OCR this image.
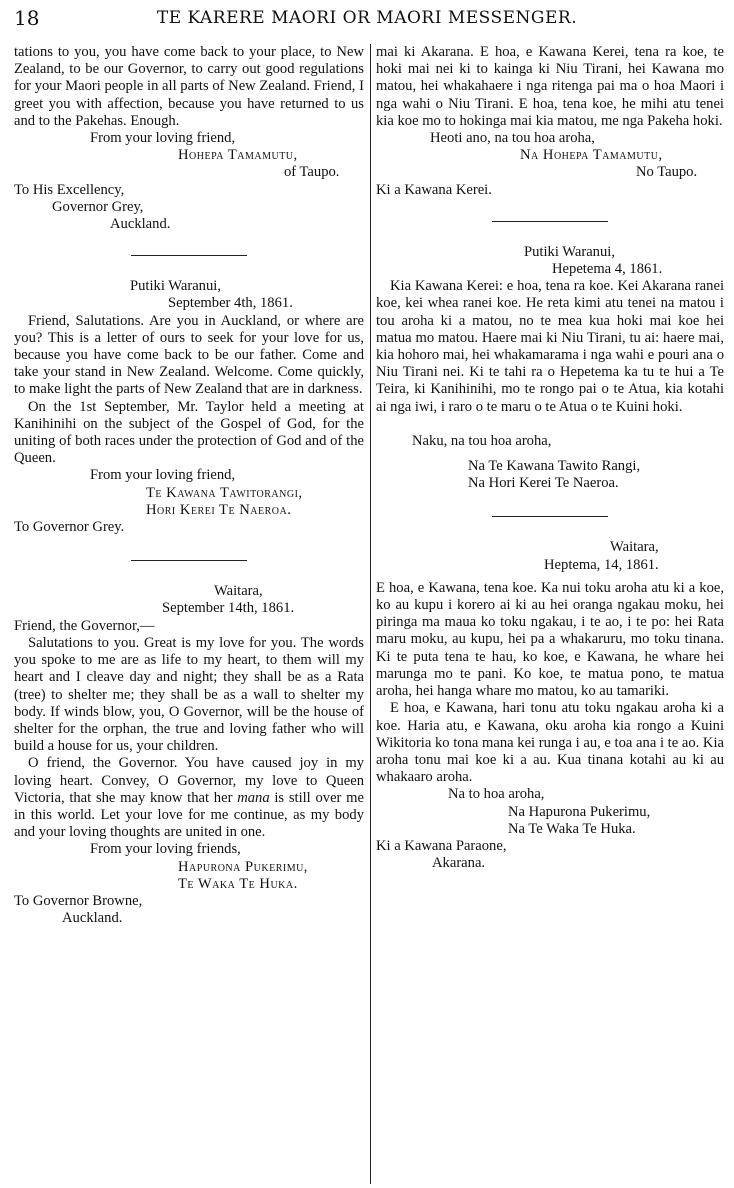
18	TE KARERE MAORI OR MAORI MESSENGER.

tations to you, you have come back to your place, to New Zealand, to be our Governor, to carry out good regulations for your Maori people in all parts of New Zealand. Friend, I greet you with affection, because you have returned to us and to the Pakehas. Enough.

From your loving friend,
Hohepa Tamamutu,
of Taupo.
To His Excellency,
Governor Grey,
Auckland.
Putiki Waranui,
September 4th, 1861.

Friend, Salutations. Are you in Auckland, or where are you? This is a letter of ours to seek for your love for us, because you have come back to be our father. Come and take your stand in New Zealand. Welcome. Come quickly, to make light the parts of New Zealand that are in darkness.

On the 1st September, Mr. Taylor held a meeting at Kanihinihi on the subject of the Gospel of God, for the uniting of both races under the protection of God and of the Queen.

From your loving friend,
Te Kawana Tawitorangi,
Hori Kerei Te Naeroa.
To Governor Grey.
Waitara,
September 14th, 1861.
Friend, the Governor,—

Salutations to you. Great is my love for you. The words you spoke to me are as life to my heart, to them will my heart and I cleave day and night; they shall be as a Rata (tree) to shelter me; they shall be as a wall to shelter my body. If winds blow, you, O Governor, will be the house of shelter for the orphan, the true and loving father who will build a house for us, your children.

O friend, the Governor. You have caused joy in my loving heart. Convey, O Governor, my love to Queen Victoria, that she may know that her mana is still over me in this world. Let your love for me continue, as my body and your loving thoughts are united in one.

From your loving friends,
Hapurona Pukerimu,
Te Waka Te Huka.
To Governor Browne,
Auckland.

mai ki Akarana. E hoa, e Kawana Kerei, tena ra koe, te hoki mai nei ki to kainga ki Niu Tirani, hei Kawana mo matou, hei whakahaere i nga ritenga pai ma o hoa Maori i nga wahi o Niu Tirani. E hoa, tena koe, he mihi atu tenei kia koe mo to hokinga mai kia matou, me nga Pakeha hoki.

Heoti ano, na tou hoa aroha,
Na Hohepa Tamamutu,
No Taupo.
Ki a Kawana Kerei.
Putiki Waranui,
Hepetema 4, 1861.

Kia Kawana Kerei: e hoa, tena ra koe. Kei Akarana ranei koe, kei whea ranei koe. He reta kimi atu tenei na matou i tou aroha ki a matou, no te mea kua hoki mai koe hei matua mo matou. Haere mai ki Niu Tirani, tu ai: haere mai, kia hohoro mai, hei whakamarama i nga wahi e pouri ana o Niu Tirani nei. Ki te tahi ra o Hepetema ka tu te hui a Te Teira, ki Kanihinihi, mo te rongo pai o te Atua, kia kotahi ai nga iwi, i raro o te maru o te Atua o te Kuini hoki.

Naku, na tou hoa aroha,
Na Te Kawana Tawito Rangi,
Na Hori Kerei Te Naeroa.
Waitara,
Heptema, 14, 1861.

E hoa, e Kawana, tena koe. Ka nui toku aroha atu ki a koe, ko au kupu i korero ai ki au hei oranga ngakau moku, hei piringa ma maua ko toku ngakau, i te ao, i te po: hei Rata maru moku, au kupu, hei pa a whakaruru, mo toku tinana. Ki te puta tena te hau, ko koe, e Kawana, he whare hei marunga mo te pani. Ko koe, te matua pono, te matua aroha, hei hanga whare mo matou, ko au tamariki.

E hoa, e Kawana, hari tonu atu toku ngakau aroha ki a koe. Haria atu, e Kawana, oku aroha kia rongo a Kuini Wikitoria ko tona mana kei runga i au, e toa ana i te ao. Kia aroha tonu mai koe ki a au. Kua tinana kotahi au ki au whakaaro aroha.

Na to hoa aroha,
Na Hapurona Pukerimu,
Na Te Waka Te Huka.
Ki a Kawana Paraone,
Akarana.
